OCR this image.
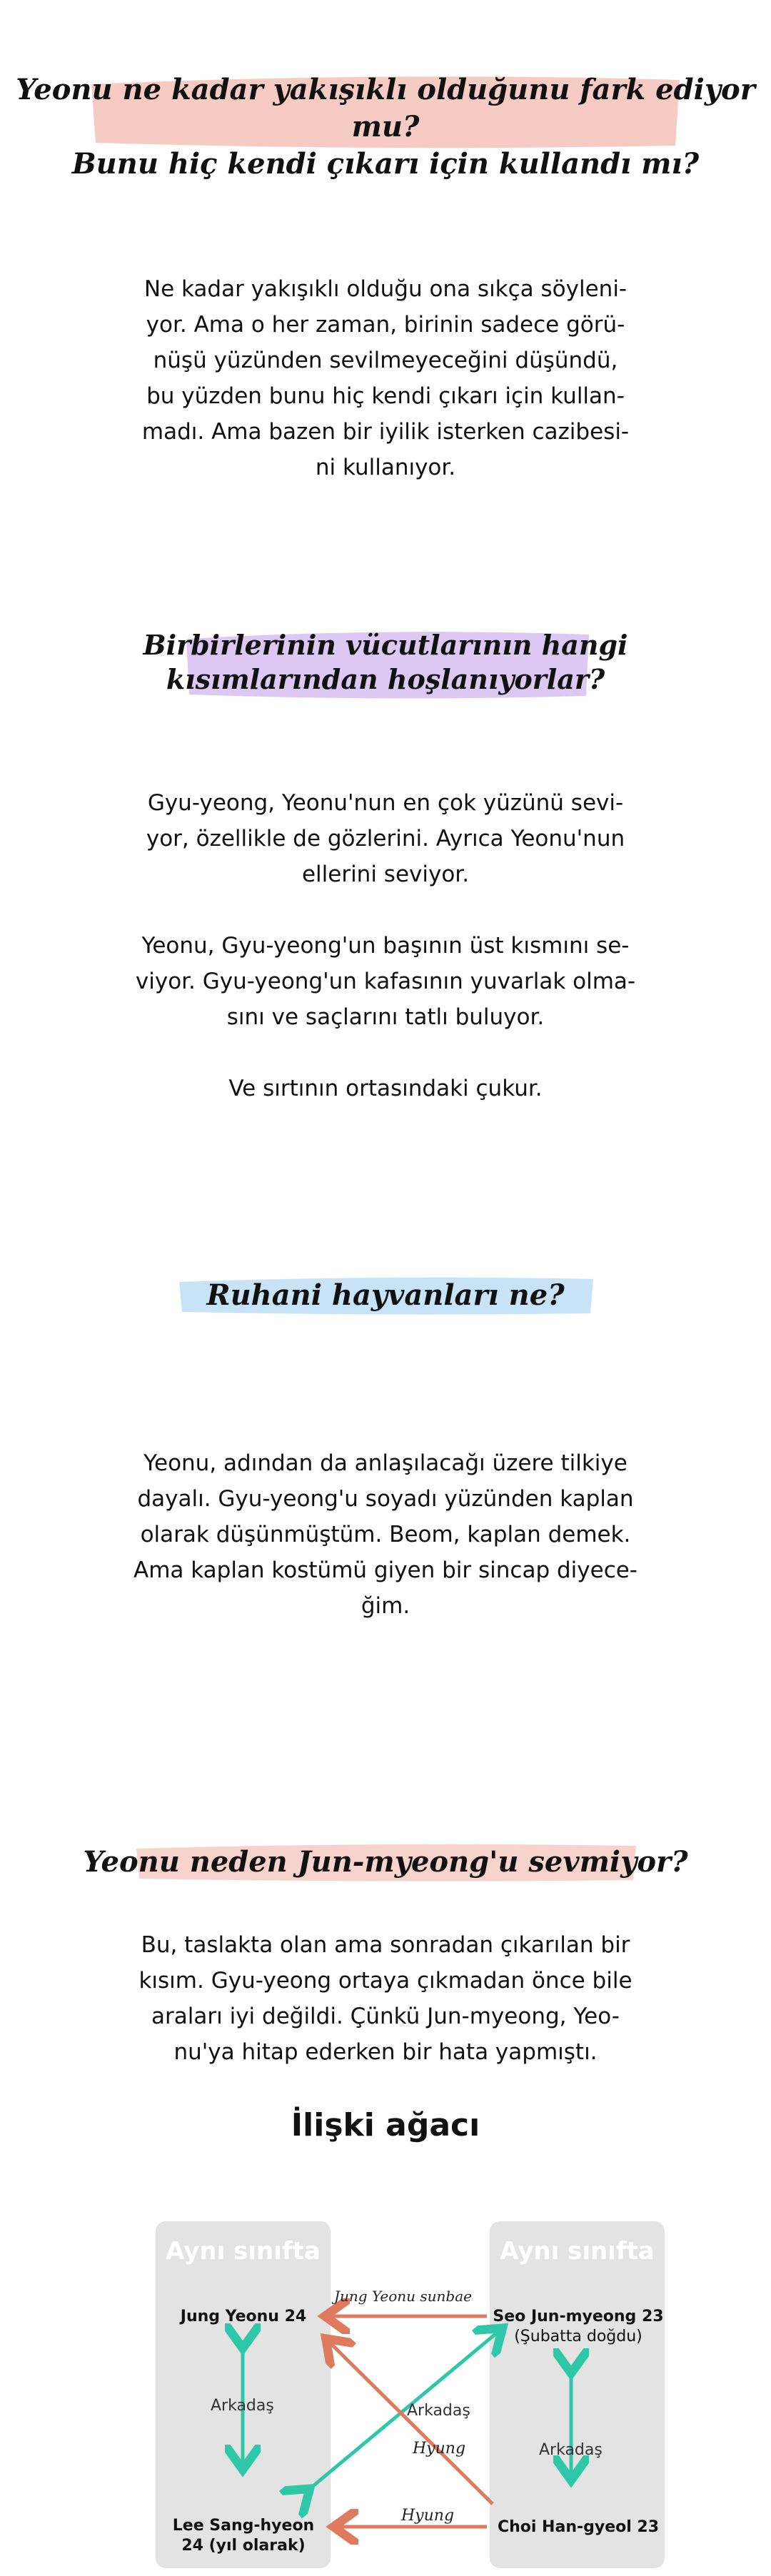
Yeonu ne kadar yakışıklı olduğunu fark ediyor mu?
Bunu hiç kendi çıkarı için kullandı mı?

Ne kadar yakışıklı olduğu ona sıkça söyleni-

yor. Ama o her zaman, birinin sadece görü-

nüşü yüzünden sevilmeyeceğini düşündü,

bu yüzden bunu hiç kendi çıkarı için kullan-

madı. Ama bazen bir iyilik isterken cazibesi-

ni kullanıyor.

Birbirlerinin vücutlarının hangi
kısımlarından hoşlanıyorlar?

Gyu-yeong, Yeonu'nun en çok yüzünü sevi-

yor, özellikle de gözlerini. Ayrıca Yeonu'nun

ellerini seviyor.

Yeonu, Gyu-yeong'un başının üst kısmını se-

viyor. Gyu-yeong'un kafasının yuvarlak olma-

sını ve saçlarını tatlı buluyor.

Ve sırtının ortasındaki çukur.

Ruhani hayvanları ne?

Yeonu, adından da anlaşılacağı üzere tilkiye

dayalı. Gyu-yeong'u soyadı yüzünden kaplan

olarak düşünmüştüm. Beom, kaplan demek.

Ama kaplan kostümü giyen bir sincap diyece-

ğim.

Yeonu neden Jun-myeong'u sevmiyor?

Bu, taslakta olan ama sonradan çıkarılan bir

kısım. Gyu-yeong ortaya çıkmadan önce bile

araları iyi değildi. Çünkü Jun-myeong, Yeo-

nu'ya hitap ederken bir hata yapmıştı.

İlişki ağacı
Aynı sınıfta	Aynı sınıfta
Jung Yeonu 24
Lee Sang-hyeon
24 (yıl olarak)
Seo Jun-myeong 23
(Şubatta doğdu)
Choi Han-gyeol 23
Jung Yeonu sunbae
Arkadaş	Arkadaş
Hyung	Arkadaş
Hyung
